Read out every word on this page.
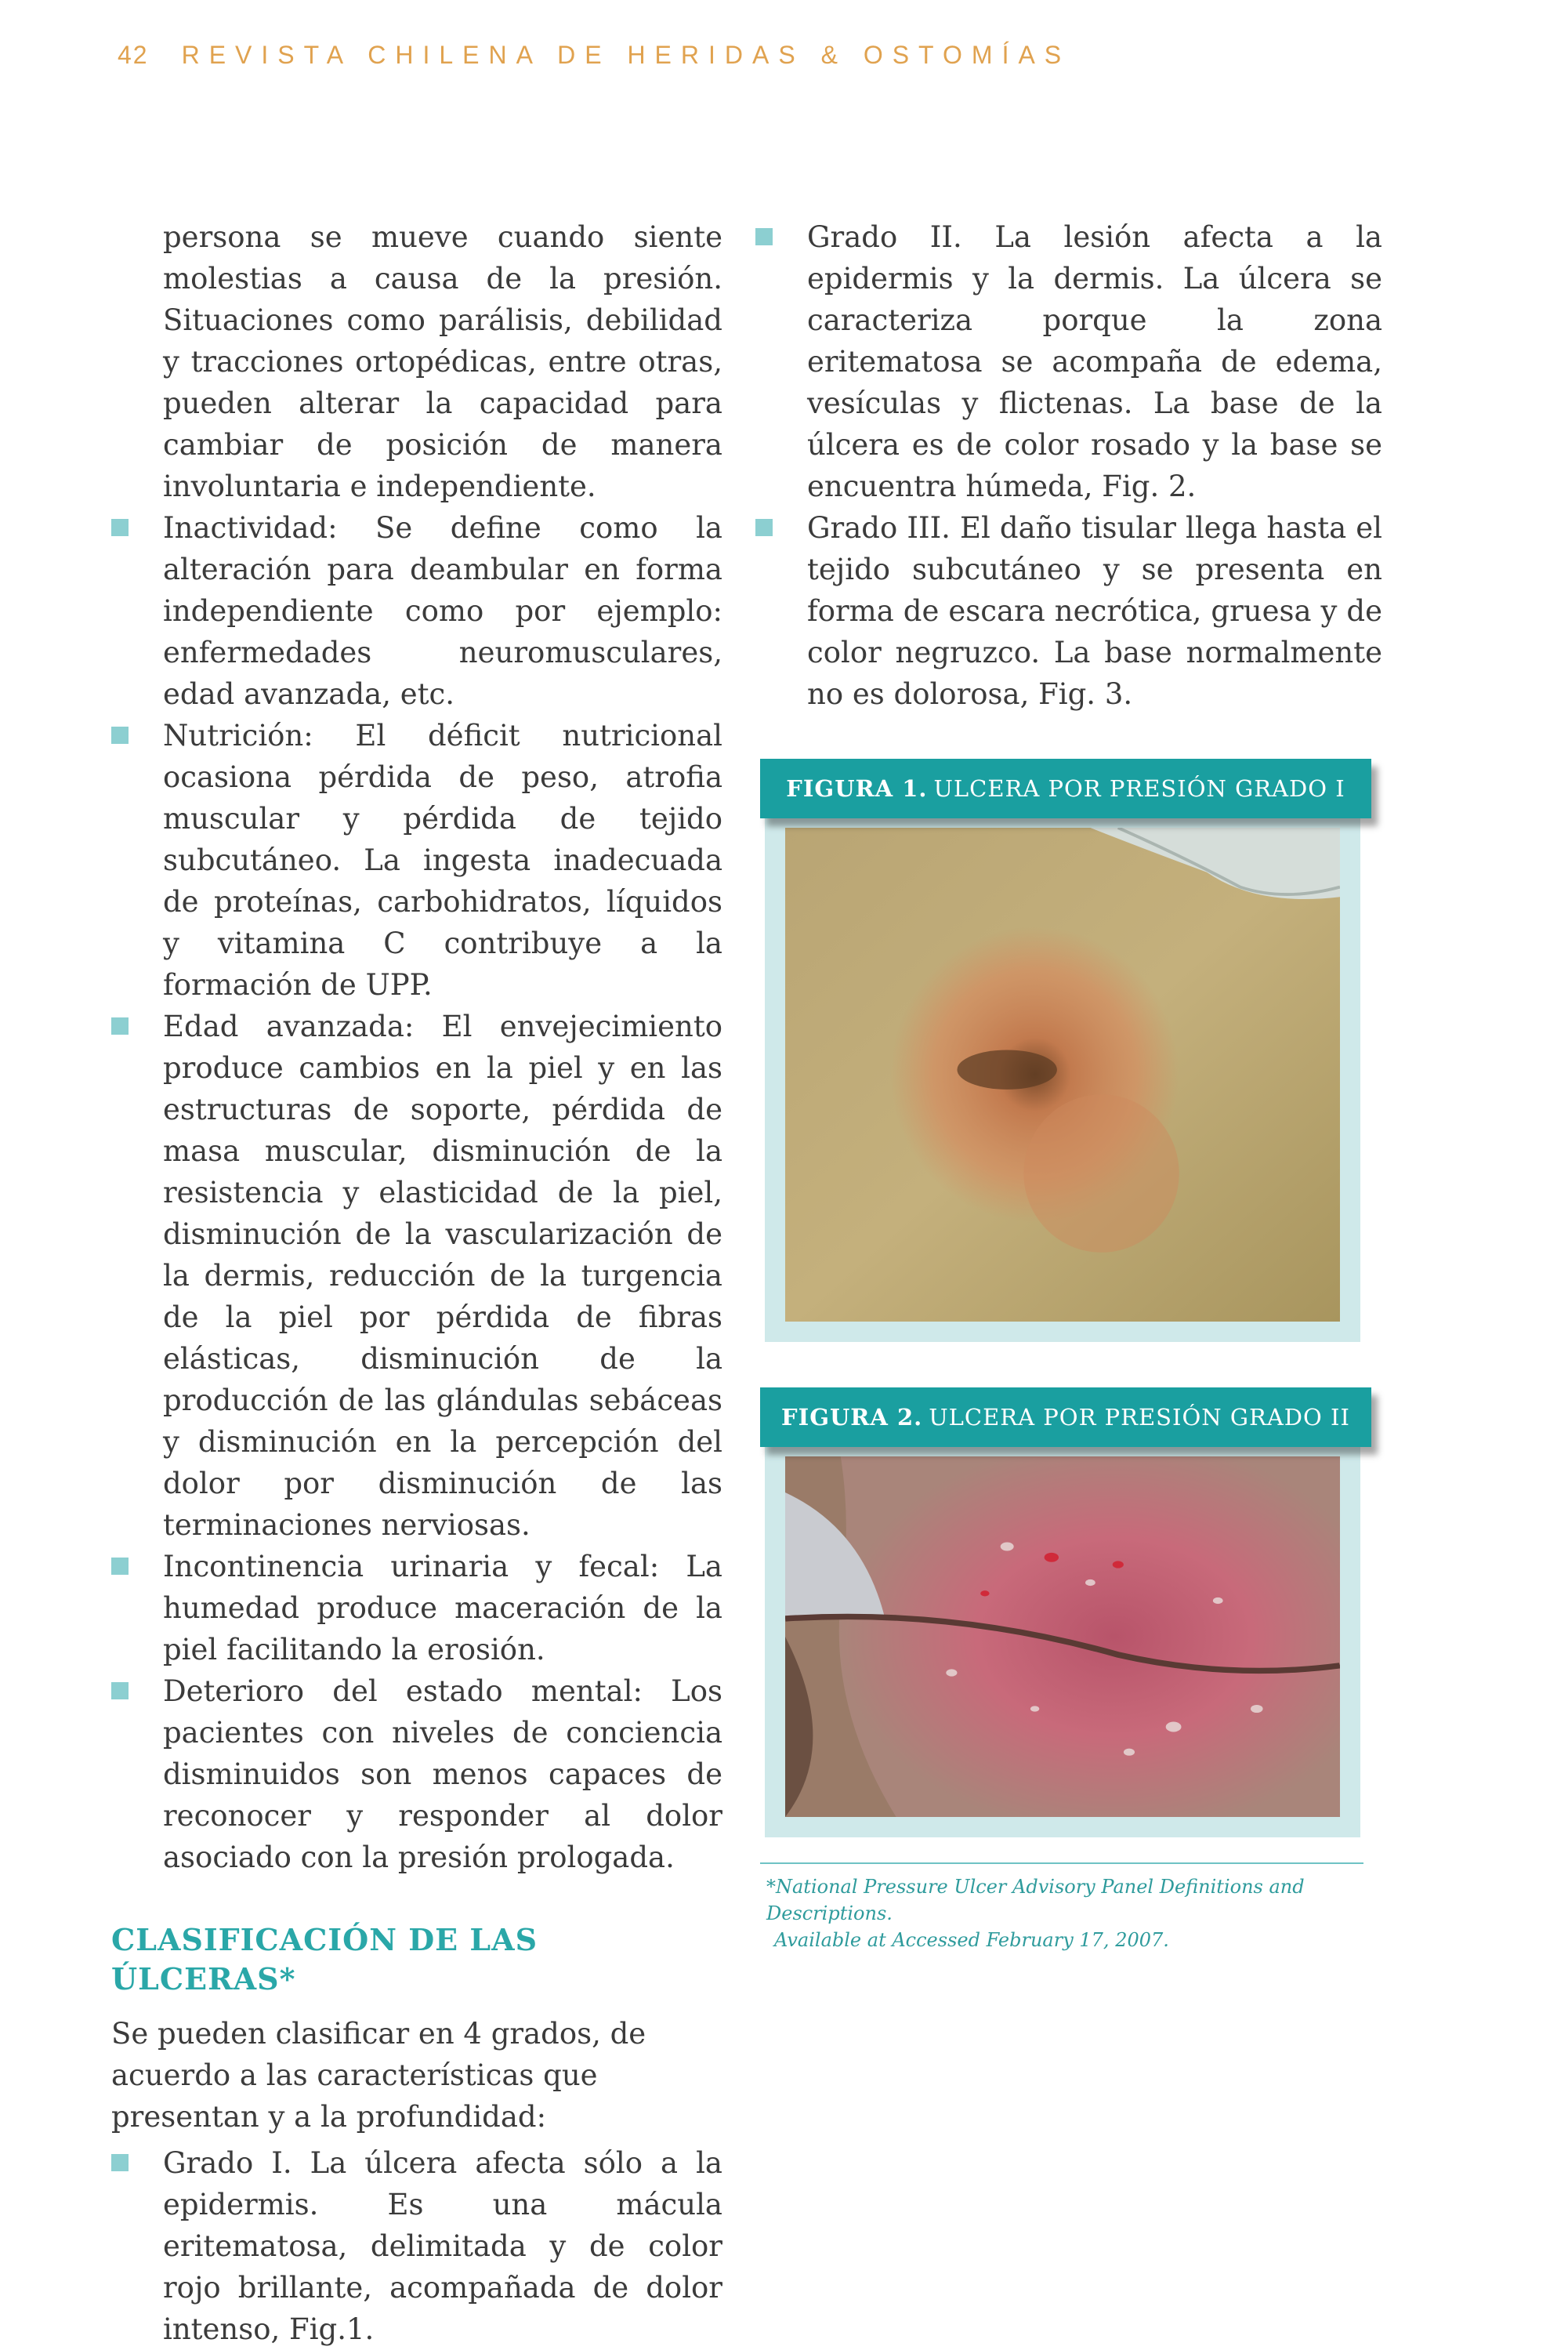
42 REVISTA CHILENA DE HERIDAS & OSTOMÍAS

persona se mueve cuando siente molestias a causa de la presión. Situaciones como parálisis, debilidad y tracciones ortopédicas, entre otras, pueden alterar la capacidad para cambiar de posición de manera involuntaria e independiente.

Inactividad: Se define como la alteración para deambular en forma independiente como por ejemplo: enfermedades neuromusculares, edad avanzada, etc.
Nutrición: El déficit nutricional ocasiona pérdida de peso, atrofia muscular y pérdida de tejido subcutáneo. La ingesta inadecuada de proteínas, carbohidratos, líquidos y vitamina C contribuye a la formación de UPP.
Edad avanzada: El envejecimiento produce cambios en la piel y en las estructuras de soporte, pérdida de masa muscular, disminución de la resistencia y elasticidad de la piel, disminución de la vascularización de la dermis, reducción de la turgencia de la piel por pérdida de fibras elásticas, disminución de la producción de las glándulas sebáceas y disminución en la percepción del dolor por disminución de las terminaciones nerviosas.
Incontinencia urinaria y fecal: La humedad produce maceración de la piel facilitando la erosión.
Deterioro del estado mental: Los pacientes con niveles de conciencia disminuidos son menos capaces de reconocer y responder al dolor asociado con la presión prologada.
CLASIFICACIÓN DE LAS ÚLCERAS*

Se pueden clasificar en 4 grados, de acuerdo a las características que presentan y a la profundidad:

Grado I. La úlcera afecta sólo a la epidermis. Es una mácula eritematosa, delimitada y de color rojo brillante, acompañada de dolor intenso, Fig.1.
Grado II. La lesión afecta a la epidermis y la dermis. La úlcera se caracteriza porque la zona eritematosa se acompaña de edema, vesículas y flictenas. La base de la úlcera es de color rosado y la base se encuentra húmeda, Fig. 2.
Grado III. El daño tisular llega hasta el tejido subcutáneo y se presenta en forma de escara necrótica, gruesa y de color negruzco. La base normalmente no es dolorosa, Fig. 3.
FIGURA 1. ULCERA POR PRESIÓN GRADO I
FIGURA 2. ULCERA POR PRESIÓN GRADO II
*National Pressure Ulcer Advisory Panel Definitions and Descriptions.
Available at Accessed February 17, 2007.
